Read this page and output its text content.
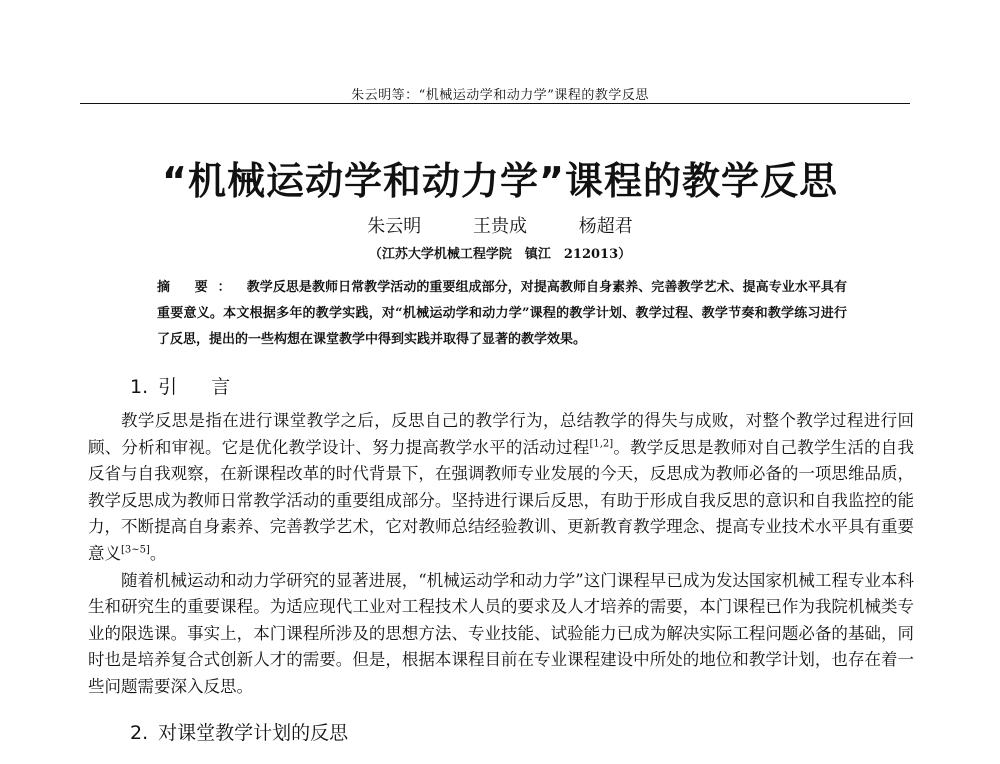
朱云明等：“机械运动学和动力学”课程的教学反思
“机械运动学和动力学”课程的教学反思
朱云明	王贵成	杨超君
（江苏大学机械工程学院　镇江　212013）
摘 要： 教学反思是教师日常教学活动的重要组成部分，对提高教师自身素养、完善教学艺术、提高专业水平具有重要意义。本文根据多年的教学实践，对“机械运动学和动力学”课程的教学计划、教学过程、教学节奏和教学练习进行了反思，提出的一些构想在课堂教学中得到实践并取得了显著的教学效果。
1. 引 言

教学反思是指在进行课堂教学之后，反思自己的教学行为，总结教学的得失与成败，对整个教学过程进行回顾、分析和审视。它是优化教学设计、努力提高教学水平的活动过程[1,2]。教学反思是教师对自己教学生活的自我反省与自我观察，在新课程改革的时代背景下，在强调教师专业发展的今天，反思成为教师必备的一项思维品质，教学反思成为教师日常教学活动的重要组成部分。坚持进行课后反思，有助于形成自我反思的意识和自我监控的能力，不断提高自身素养、完善教学艺术，它对教师总结经验教训、更新教育教学理念、提高专业技术水平具有重要意义[3~5]。

随着机械运动和动力学研究的显著进展，“机械运动学和动力学”这门课程早已成为发达国家机械工程专业本科生和研究生的重要课程。为适应现代工业对工程技术人员的要求及人才培养的需要，本门课程已作为我院机械类专业的限选课。事实上，本门课程所涉及的思想方法、专业技能、试验能力已成为解决实际工程问题必备的基础，同时也是培养复合式创新人才的需要。但是，根据本课程目前在专业课程建设中所处的地位和教学计划，也存在着一些问题需要深入反思。

2. 对课堂教学计划的反思
